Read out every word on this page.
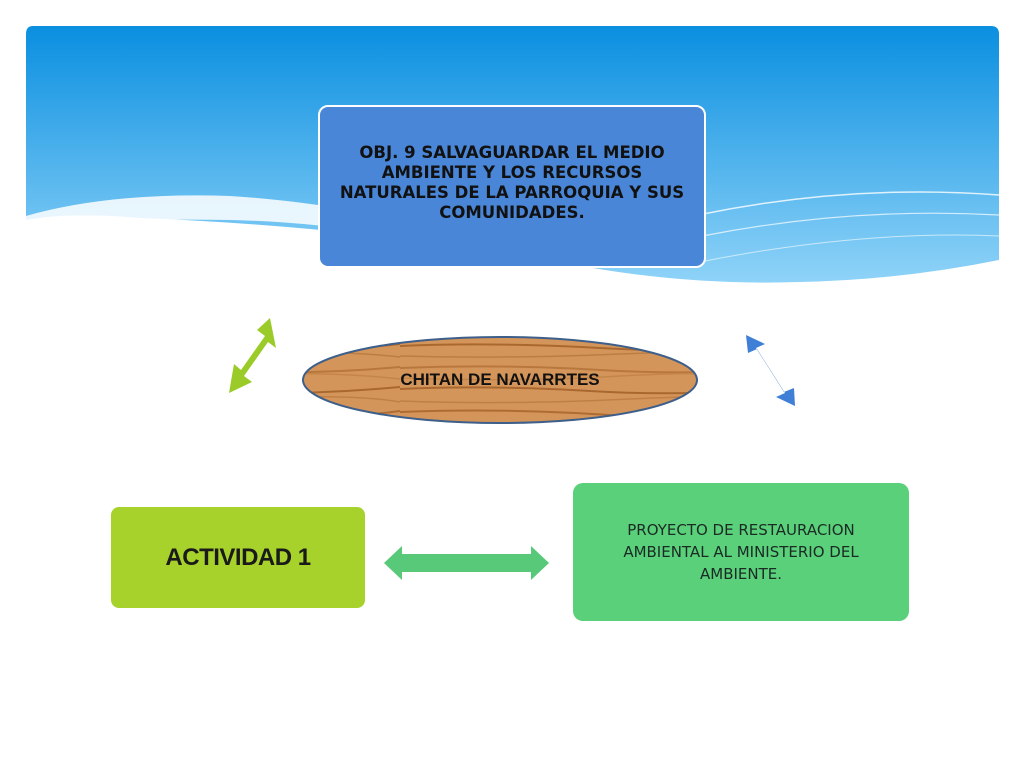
OBJ. 9 SALVAGUARDAR EL MEDIO AMBIENTE Y LOS RECURSOS NATURALES DE LA PARROQUIA Y SUS COMUNIDADES.
CHITAN DE NAVARRTES
PROYECTO DE RESTAURACION AMBIENTAL AL MINISTERIO DEL AMBIENTE.
ACTIVIDAD 1
